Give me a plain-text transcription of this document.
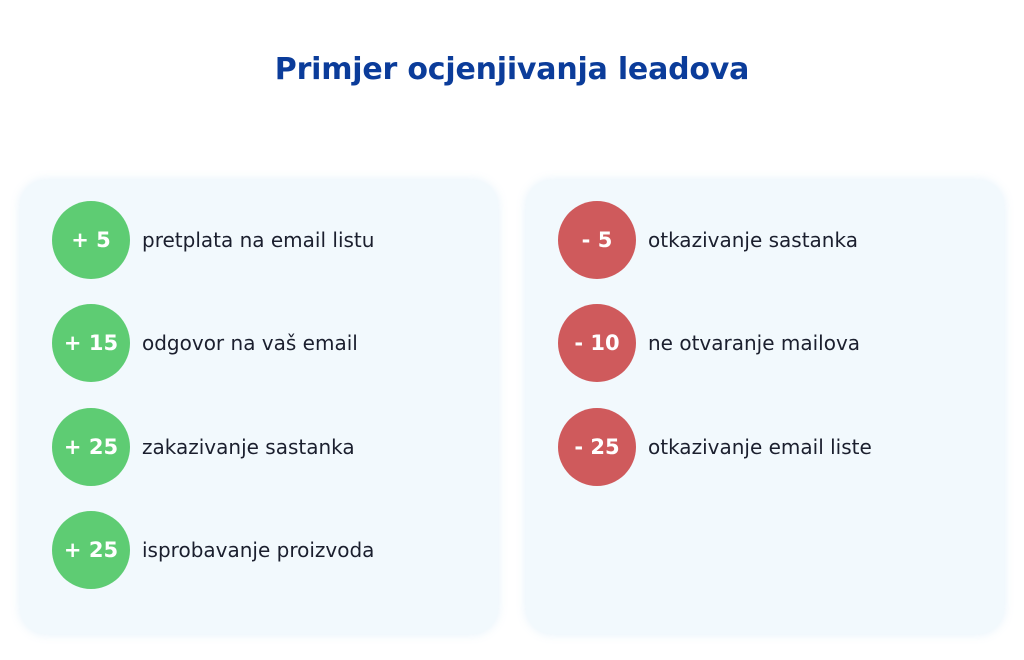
Primjer ocjenjivanja leadova
+ 5	pretplata na email listu
+ 15	odgovor na vaš email
+ 25	zakazivanje sastanka
+ 25	isprobavanje proizvoda
- 5	otkazivanje sastanka
- 10	ne otvaranje mailova
- 25	otkazivanje email liste
